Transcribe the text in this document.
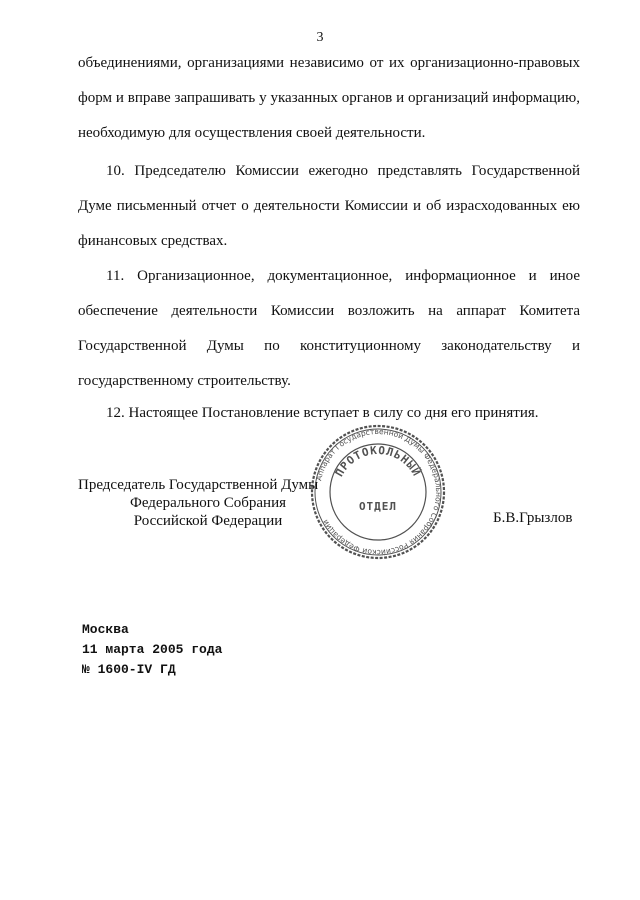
3
объединениями, организациями независимо от их организационно-правовых форм и вправе запрашивать у указанных органов и организаций информацию, необходимую для осуществления своей деятельности.
10. Председателю Комиссии ежегодно представлять Государственной Думе письменный отчет о деятельности Комиссии и об израсходованных ею финансовых средствах.
11. Организационное, документационное, информационное и иное обеспечение деятельности Комиссии возложить на аппарат Комитета Государственной Думы по конституционному законодательству и государственному строительству.
12. Настоящее Постановление вступает в силу со дня его принятия.
Председатель Государственной Думы
Федерального Собрания
Российской Федерации
Аппарат Государственной Думы Федерального Собрания Российской Федерации
ПРОТОКОЛЬНЫЙ
ОТДЕЛ
Б.В.Грызлов
Москва
11 марта 2005 года
№ 1600-IV ГД
